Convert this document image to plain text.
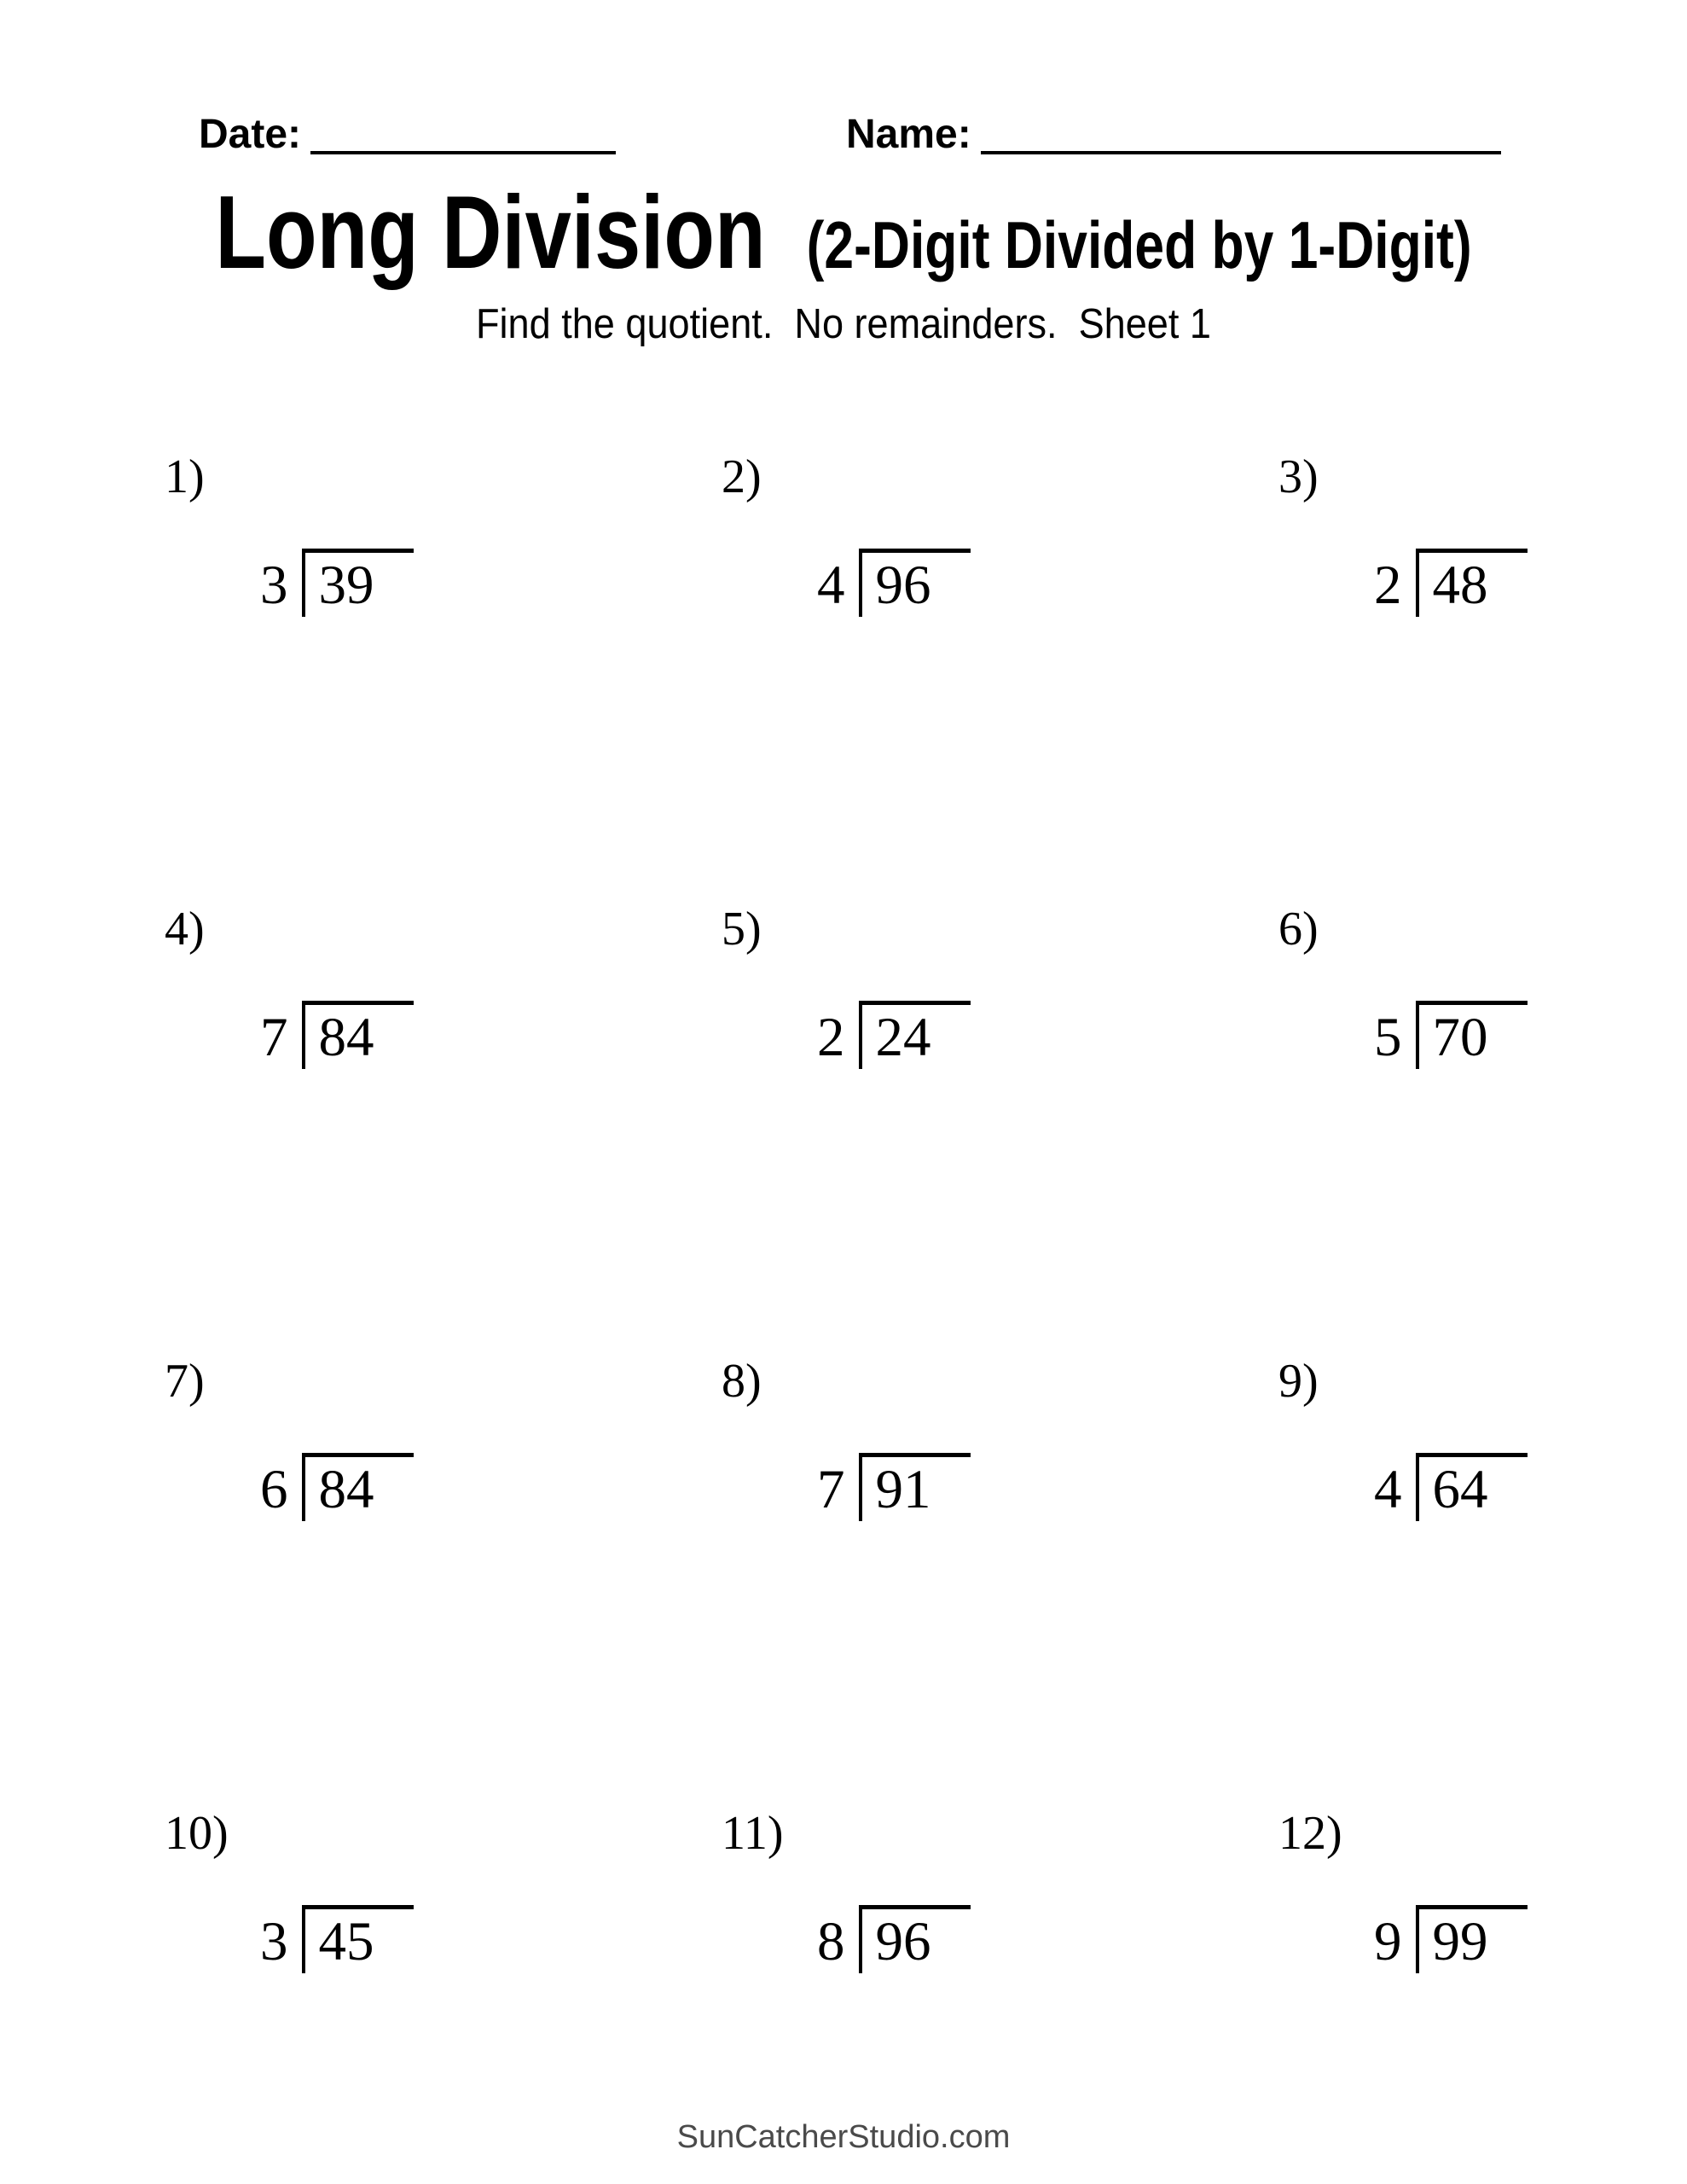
Date:	Name:
Long Division (2-Digit Divided by 1-Digit)
Find the quotient.  No remainders.  Sheet 1
1)
3 39
2)
4 96
3)
2 48
4)
7 84
5)
2 24
6)
5 70
7)
6 84
8)
7 91
9)
4 64
10)
3 45
11)
8 96
12)
9 99
SunCatcherStudio.com
